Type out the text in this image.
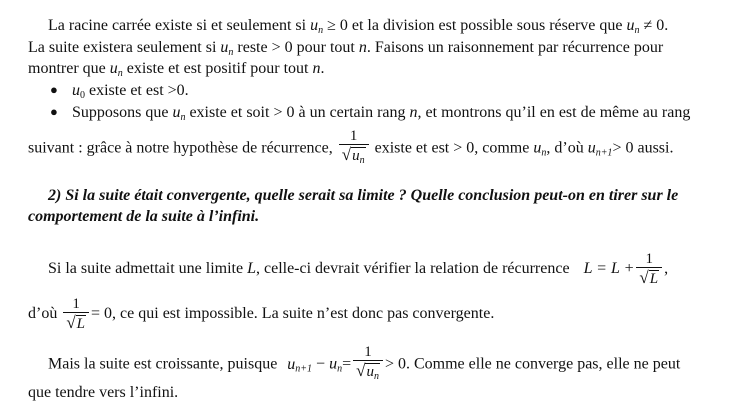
La racine carrée existe si et seulement si un ≥ 0 et la division est possible sous réserve que un ≠ 0.
La suite existera seulement si un reste > 0 pour tout n. Faisons un raisonnement par récurrence pour
montrer que un existe et est positif pour tout n.
● $u_0$ existe et est >0.
● Supposons que un existe et soit > 0 à un certain rang n, et montrons qu’il en est de même au rang
suivant : grâce à notre hypothèse de récurrence, $\frac{1}{√u_n}$ existe et est > 0, comme un, d’où un+1> 0 aussi.
2) Si la suite était convergente, quelle serait sa limite ? Quelle conclusion peut-on en tirer sur le
comportement de la suite à l’infini.
Si la suite admettait une limite L, celle-ci devrait vérifier la relation de récurrence $L = L + \frac{1}{√L}$ ,
d’où $\frac{1}{√L} = 0$, ce qui est impossible. La suite n’est donc pas convergente.
Mais la suite est croissante, puisque $un+1 - un= \frac{1}{√u_n} > 0$. Comme elle ne converge pas, elle ne peut
que tendre vers l’infini.
